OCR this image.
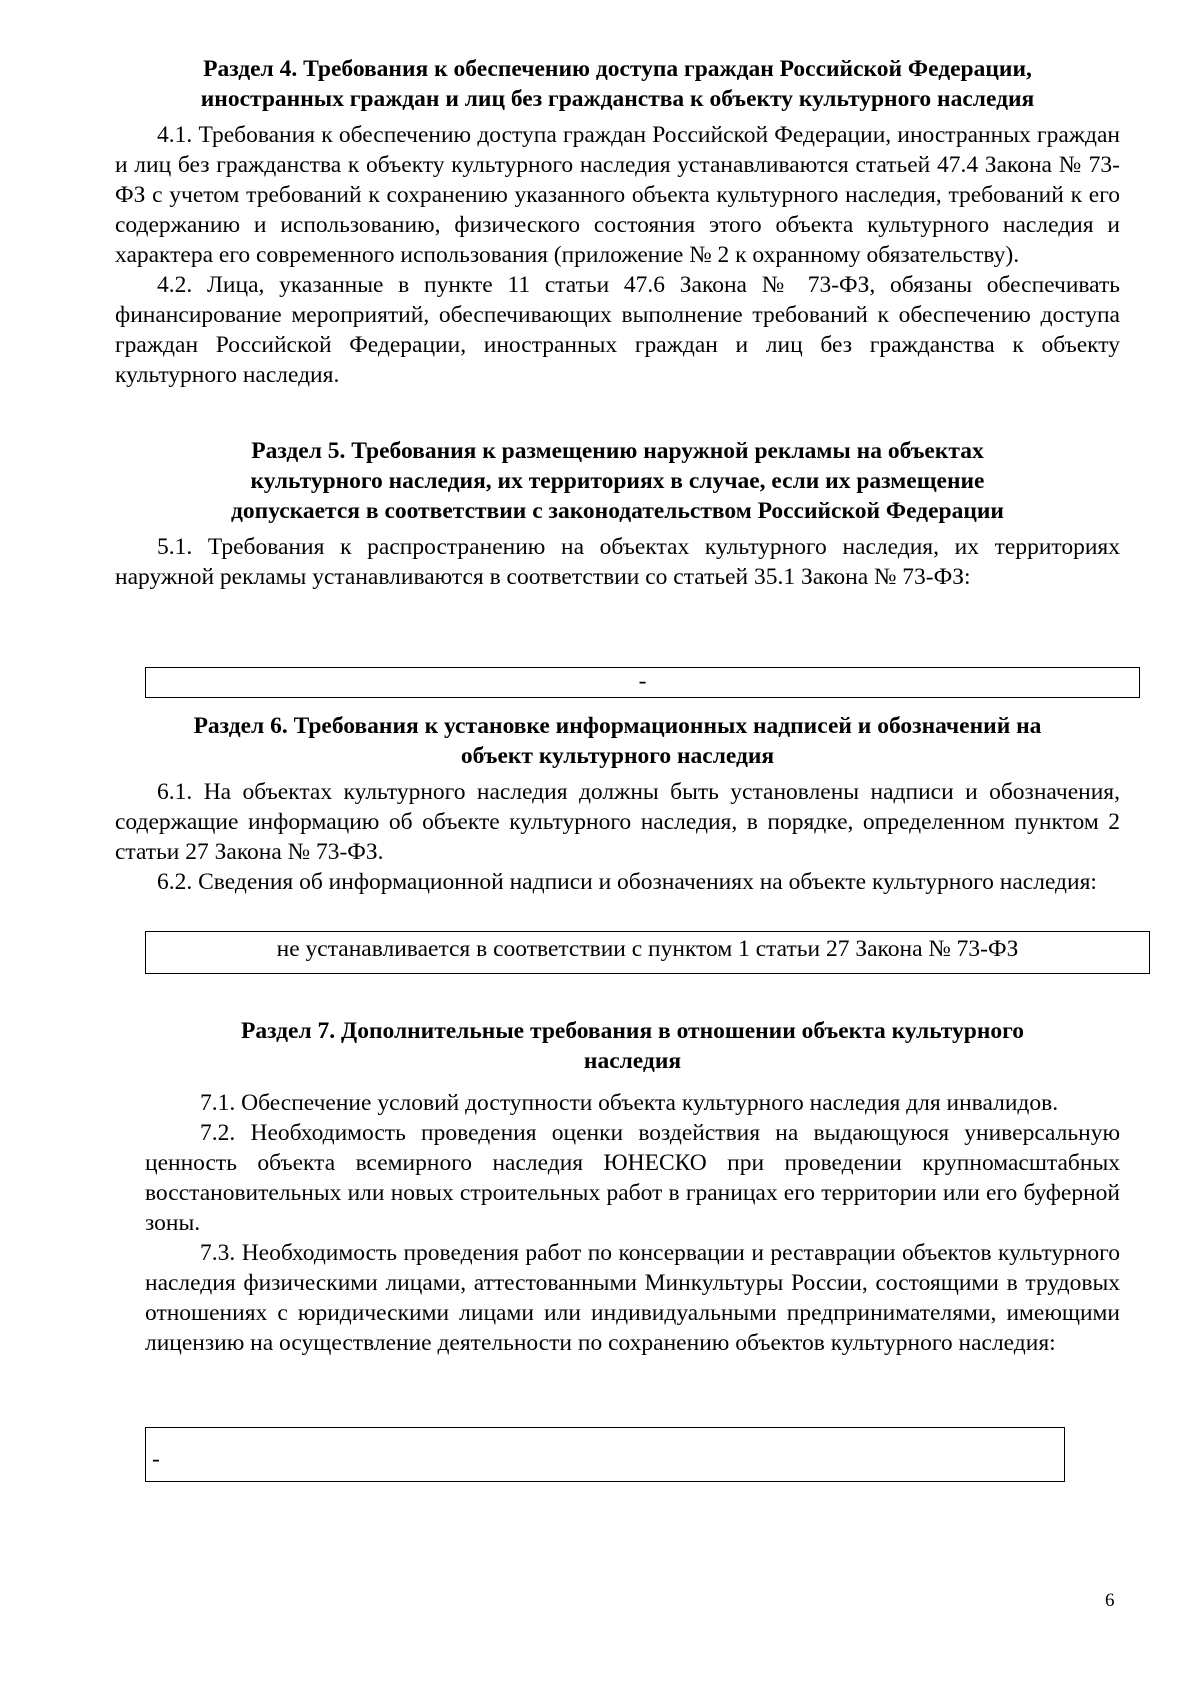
Раздел 4. Требования к обеспечению доступа граждан Российской Федерации,
иностранных граждан и лиц без гражданства к объекту культурного наследия

4.1. Требования к обеспечению доступа граждан Российской Федерации, иностранных граждан и лиц без гражданства к объекту культурного наследия устанавливаются статьей 47.4 Закона № 73-ФЗ с учетом требований к сохранению указанного объекта культурного наследия, требований к его содержанию и использованию, физического состояния этого объекта культурного наследия и характера его современного использования (приложение № 2 к охранному обязательству).

4.2. Лица, указанные в пункте 11 статьи 47.6 Закона № 73-ФЗ, обязаны обеспечивать финансирование мероприятий, обеспечивающих выполнение требований к обеспечению доступа граждан Российской Федерации, иностранных граждан и лиц без гражданства к объекту культурного наследия.

Раздел 5. Требования к размещению наружной рекламы на объектах
культурного наследия, их территориях в случае, если их размещение
допускается в соответствии с законодательством Российской Федерации

5.1. Требования к распространению на объектах культурного наследия, их территориях наружной рекламы устанавливаются в соответствии со статьей 35.1 Закона № 73-ФЗ:

-

Раздел 6. Требования к установке информационных надписей и обозначений на
объект культурного наследия

6.1. На объектах культурного наследия должны быть установлены надписи и обозначения, содержащие информацию об объекте культурного наследия, в порядке, определенном пунктом 2 статьи 27 Закона № 73-ФЗ.

6.2. Сведения об информационной надписи и обозначениях на объекте культурного наследия:

не устанавливается в соответствии с пунктом 1 статьи 27 Закона № 73-ФЗ

Раздел 7. Дополнительные требования в отношении объекта культурного
наследия

7.1. Обеспечение условий доступности объекта культурного наследия для инвалидов.

7.2. Необходимость проведения оценки воздействия на выдающуюся универсальную ценность объекта всемирного наследия ЮНЕСКО при проведении крупномасштабных восстановительных или новых строительных работ в границах его территории или его буферной зоны.

7.3. Необходимость проведения работ по консервации и реставрации объектов культурного наследия физическими лицами, аттестованными Минкультуры России, состоящими в трудовых отношениях с юридическими лицами или индивидуальными предпринимателями, имеющими лицензию на осуществление деятельности по сохранению объектов культурного наследия:

-
6
